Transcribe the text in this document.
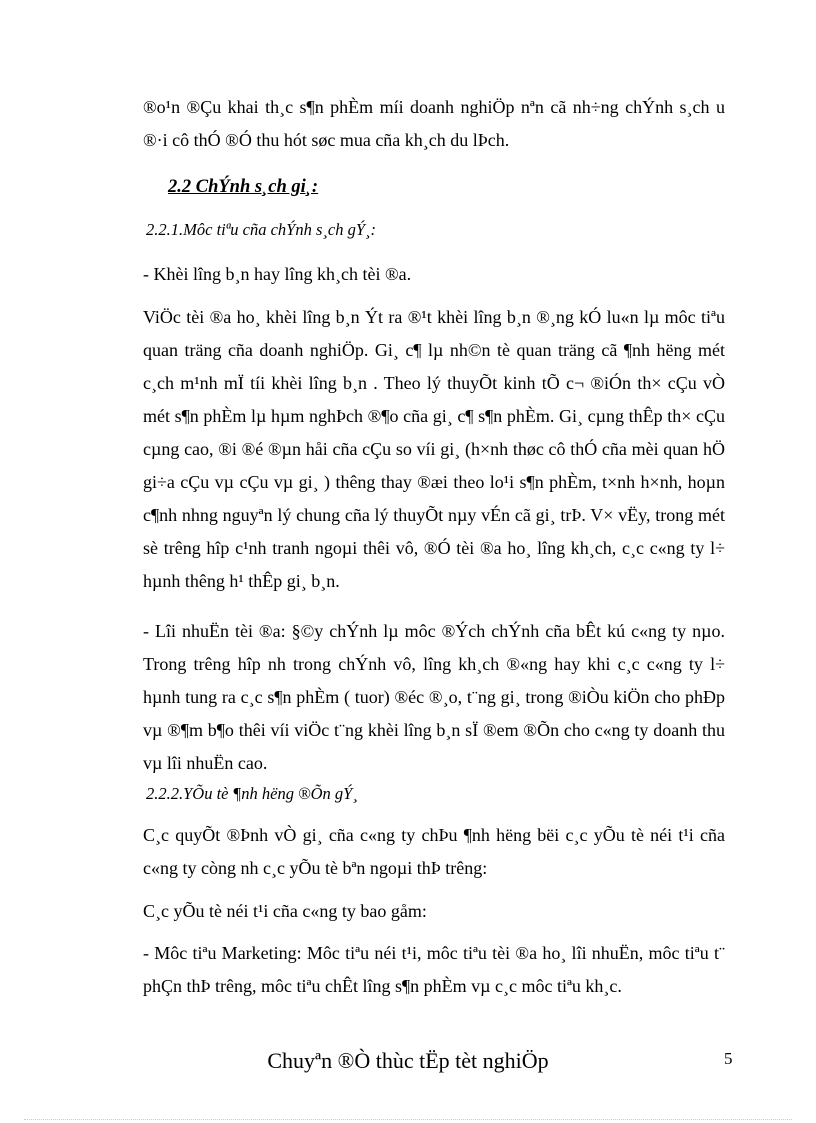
®o¹n ®Çu khai th¸c s¶n phÈm míi doanh nghiÖp nªn cã nh÷ng chÝnh s¸ch u ®·i cô thÓ ®Ó thu hót søc mua cña kh¸ch du lÞch.

2.2 ChÝnh s¸ch gi¸:
2.2.1.Môc tiªu cña chÝnh s¸ch gÝ¸:

- Khèi lîng b¸n hay lîng kh¸ch tèi ®a.

ViÖc tèi ®a ho¸ khèi lîng b¸n Ýt ra ®¹t khèi lîng b¸n ®¸ng kÓ lu«n lµ môc tiªu quan träng cña doanh nghiÖp. Gi¸ c¶ lµ nh©n tè quan träng cã ¶nh hëng mét c¸ch m¹nh mÏ tíi khèi lîng b¸n . Theo lý thuyÕt kinh tÕ c¬ ®iÓn th× cÇu vÒ mét s¶n phÈm lµ hµm nghÞch ®¶o cña gi¸ c¶ s¶n phÈm. Gi¸ cµng thÊp th× cÇu cµng cao, ®i ®é ®µn håi cña cÇu so víi gi¸ (h×nh thøc cô thÓ cña mèi quan hÖ gi÷a cÇu vµ cÇu vµ gi¸ ) thêng thay ®æi theo lo¹i s¶n phÈm, t×nh h×nh, hoµn c¶nh nhng nguyªn lý chung cña lý thuyÕt nµy vÉn cã gi¸ trÞ. V× vËy, trong mét sè trêng hîp c¹nh tranh ngoµi thêi vô, ®Ó tèi ®a ho¸ lîng kh¸ch, c¸c c«ng ty l÷ hµnh thêng h¹ thÊp gi¸ b¸n.

- Lîi nhuËn tèi ®a: §©y chÝnh lµ môc ®Ých chÝnh cña bÊt kú c«ng ty nµo. Trong trêng hîp nh trong chÝnh vô, lîng kh¸ch ®«ng hay khi c¸c c«ng ty l÷ hµnh tung ra c¸c s¶n phÈm ( tuor) ®éc ®¸o, t¨ng gi¸ trong ®iÒu kiÖn cho phÐp vµ ®¶m b¶o thêi víi viÖc t¨ng khèi lîng b¸n sÏ ®em ®Õn cho c«ng ty doanh thu vµ lîi nhuËn cao.

2.2.2.YÕu tè ¶nh hëng ®Õn gÝ¸

C¸c quyÕt ®Þnh vÒ gi¸ cña c«ng ty chÞu ¶nh hëng bëi c¸c yÕu tè néi t¹i cña c«ng ty còng nh c¸c yÕu tè bªn ngoµi thÞ trêng:

C¸c yÕu tè néi t¹i cña c«ng ty bao gåm:

- Môc tiªu Marketing: Môc tiªu néi t¹i, môc tiªu tèi ®a ho¸ lîi nhuËn, môc tiªu t¨ phÇn thÞ trêng, môc tiªu chÊt lîng s¶n phÈm vµ c¸c môc tiªu kh¸c.

Chuyªn ®Ò thùc tËp tèt nghiÖp	5
